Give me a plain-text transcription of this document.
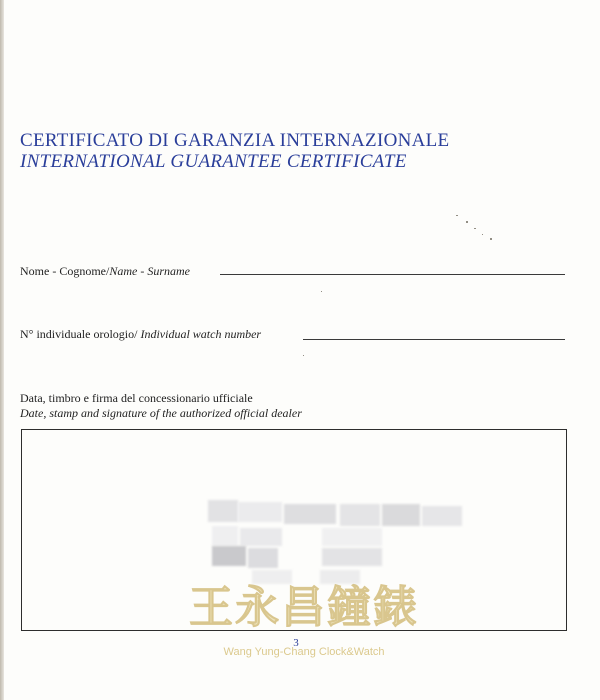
CERTIFICATO DI GARANZIA INTERNAZIONALE
INTERNATIONAL GUARANTEE CERTIFICATE
Nome - Cognome/Name - Surname
N° individuale orologio/ Individual watch number
Data, timbro e firma del concessionario ufficiale
Date, stamp and signature of the authorized official dealer
王永昌鐘錶
3
Wang Yung-Chang Clock&Watch
